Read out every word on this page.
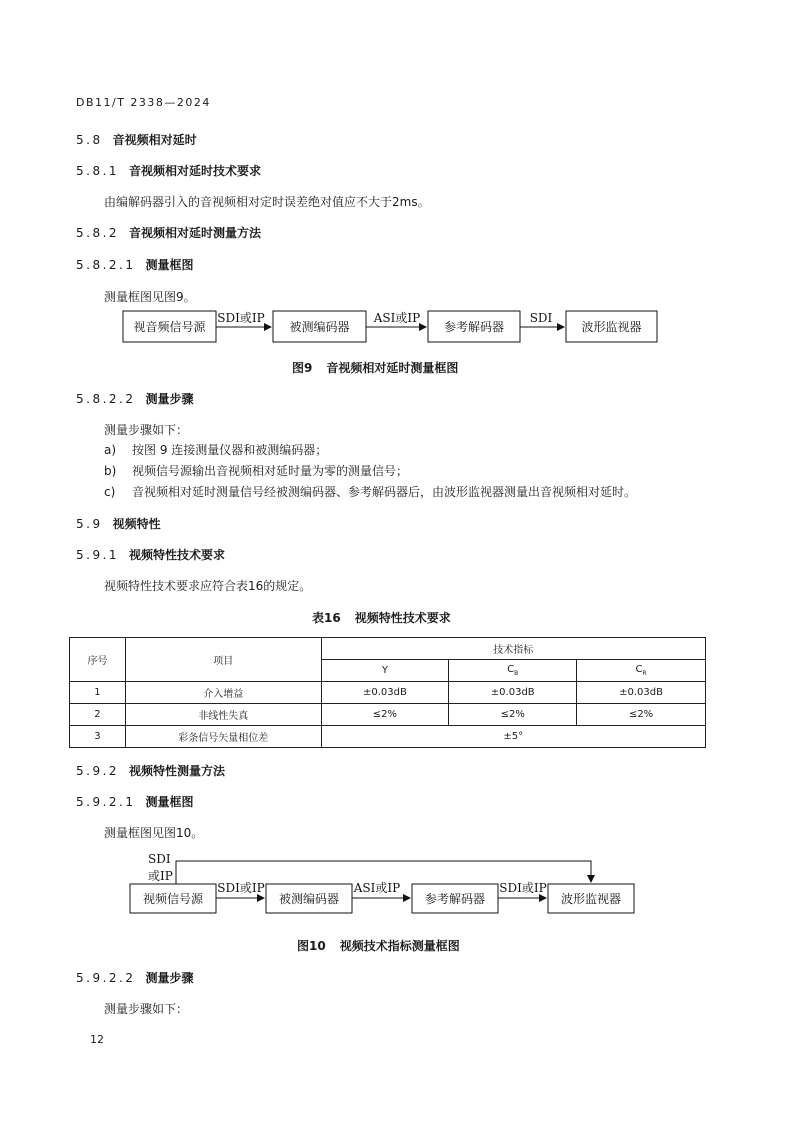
DB11/T 2338—2024
5.8 音视频相对延时
5.8.1 音视频相对延时技术要求
由编解码器引入的音视频相对定时误差绝对值应不大于2ms。
5.8.2 音视频相对延时测量方法
5.8.2.1 测量框图
测量框图见图9。
视音频信号源	被测编码器	参考解码器	波形监视器
SDI或IP	ASI或IP	SDI
图9 音视频相对延时测量框图
5.8.2.2 测量步骤
测量步骤如下：
a) 按图 9 连接测量仪器和被测编码器；
b) 视频信号源输出音视频相对延时量为零的测量信号；
c) 音视频相对延时测量信号经被测编码器、参考解码器后，由波形监视器测量出音视频相对延时。
5.9 视频特性
5.9.1 视频特性技术要求
视频特性技术要求应符合表16的规定。
表16 视频特性技术要求
序号	项目	技术指标		
		Y	$C_B$	$C_R$
1	介入增益	±0.03dB	±0.03dB	±0.03dB
2	非线性失真	≤2%	≤2%	≤2%
3	彩条信号矢量相位差	±5°		
5.9.2 视频特性测量方法
5.9.2.1 测量框图
测量框图见图10。
SDI
或IP
视频信号源	被测编码器	参考解码器	波形监视器
SDI或IP	ASI或IP	SDI或IP
图10 视频技术指标测量框图
5.9.2.2 测量步骤
测量步骤如下：
12
